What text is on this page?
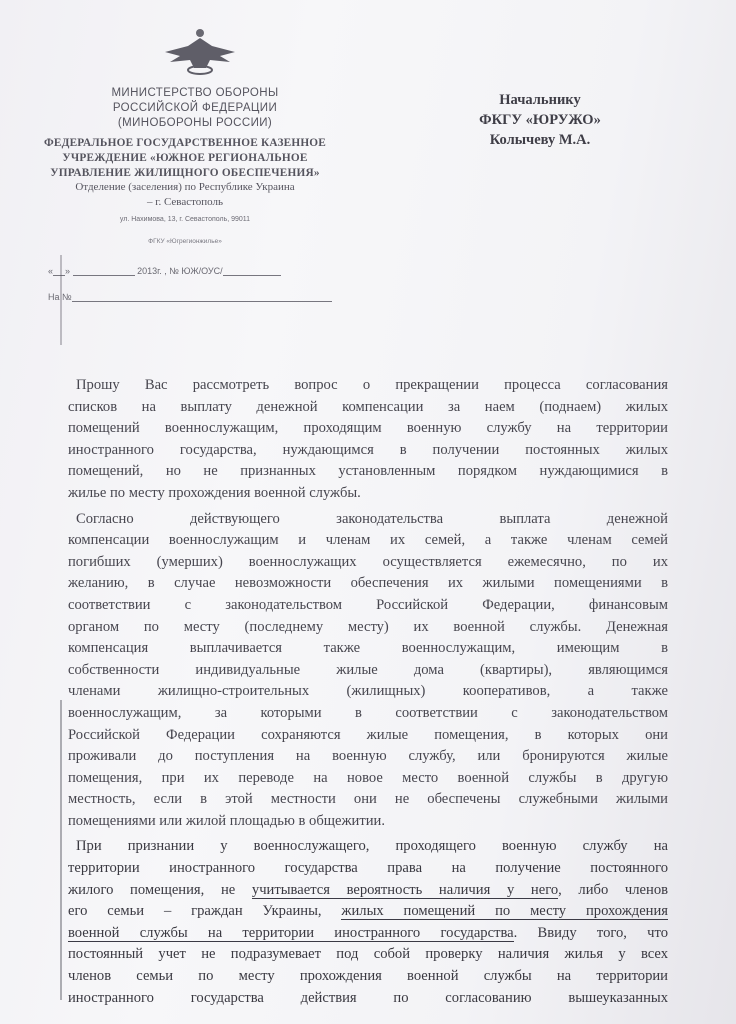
МИНИСТЕРСТВО ОБОРОНЫ
РОССИЙСКОЙ ФЕДЕРАЦИИ
(МИНОБОРОНЫ РОССИИ)
ФЕДЕРАЛЬНОЕ ГОСУДАРСТВЕННОЕ КАЗЕННОЕ
УЧРЕЖДЕНИЕ «ЮЖНОЕ РЕГИОНАЛЬНОЕ
УПРАВЛЕНИЕ ЖИЛИЩНОГО ОБЕСПЕЧЕНИЯ»
Отделение (заселения) по Республике Украина
– г. Севастополь
ул. Нахимова, 13, г. Севастополь, 99011
ФГКУ «Югрегионжилье»
« »	2013г. , № ЮЖ/ОУС/
На №
Начальнику
ФКГУ «ЮРУЖО»
Колычеву М.А.
Прошу Вас рассмотреть вопрос о прекращении процесса согласования
списков на выплату денежной компенсации за наем (поднаем) жилых
помещений военнослужащим, проходящим военную службу на территории
иностранного государства, нуждающимся в получении постоянных жилых
помещений, но не признанных установленным порядком нуждающимися в
жилье по месту прохождения военной службы.
Согласно действующего законодательства выплата денежной
компенсации военнослужащим и членам их семей, а также членам семей
погибших (умерших) военнослужащих осуществляется ежемесячно, по их
желанию, в случае невозможности обеспечения их жилыми помещениями в
соответствии с законодательством Российской Федерации, финансовым
органом по месту (последнему месту) их военной службы. Денежная
компенсация выплачивается также военнослужащим, имеющим в
собственности индивидуальные жилые дома (квартиры), являющимся
членами жилищно-строительных (жилищных) кооперативов, а также
военнослужащим, за которыми в соответствии с законодательством
Российской Федерации сохраняются жилые помещения, в которых они
проживали до поступления на военную службу, или бронируются жилые
помещения, при их переводе на новое место военной службы в другую
местность, если в этой местности они не обеспечены служебными жилыми
помещениями или жилой площадью в общежитии.
При признании у военнослужащего, проходящего военную службу на
территории иностранного государства права на получение постоянного
жилого помещения, не учитывается вероятность наличия у него, либо членов
его семьи – граждан Украины, жилых помещений по месту прохождения
военной службы на территории иностранного государства. Ввиду того, что
постоянный учет не подразумевает под собой проверку наличия жилья у всех
членов семьи по месту прохождения военной службы на территории
иностранного государства действия по согласованию вышеуказанных
